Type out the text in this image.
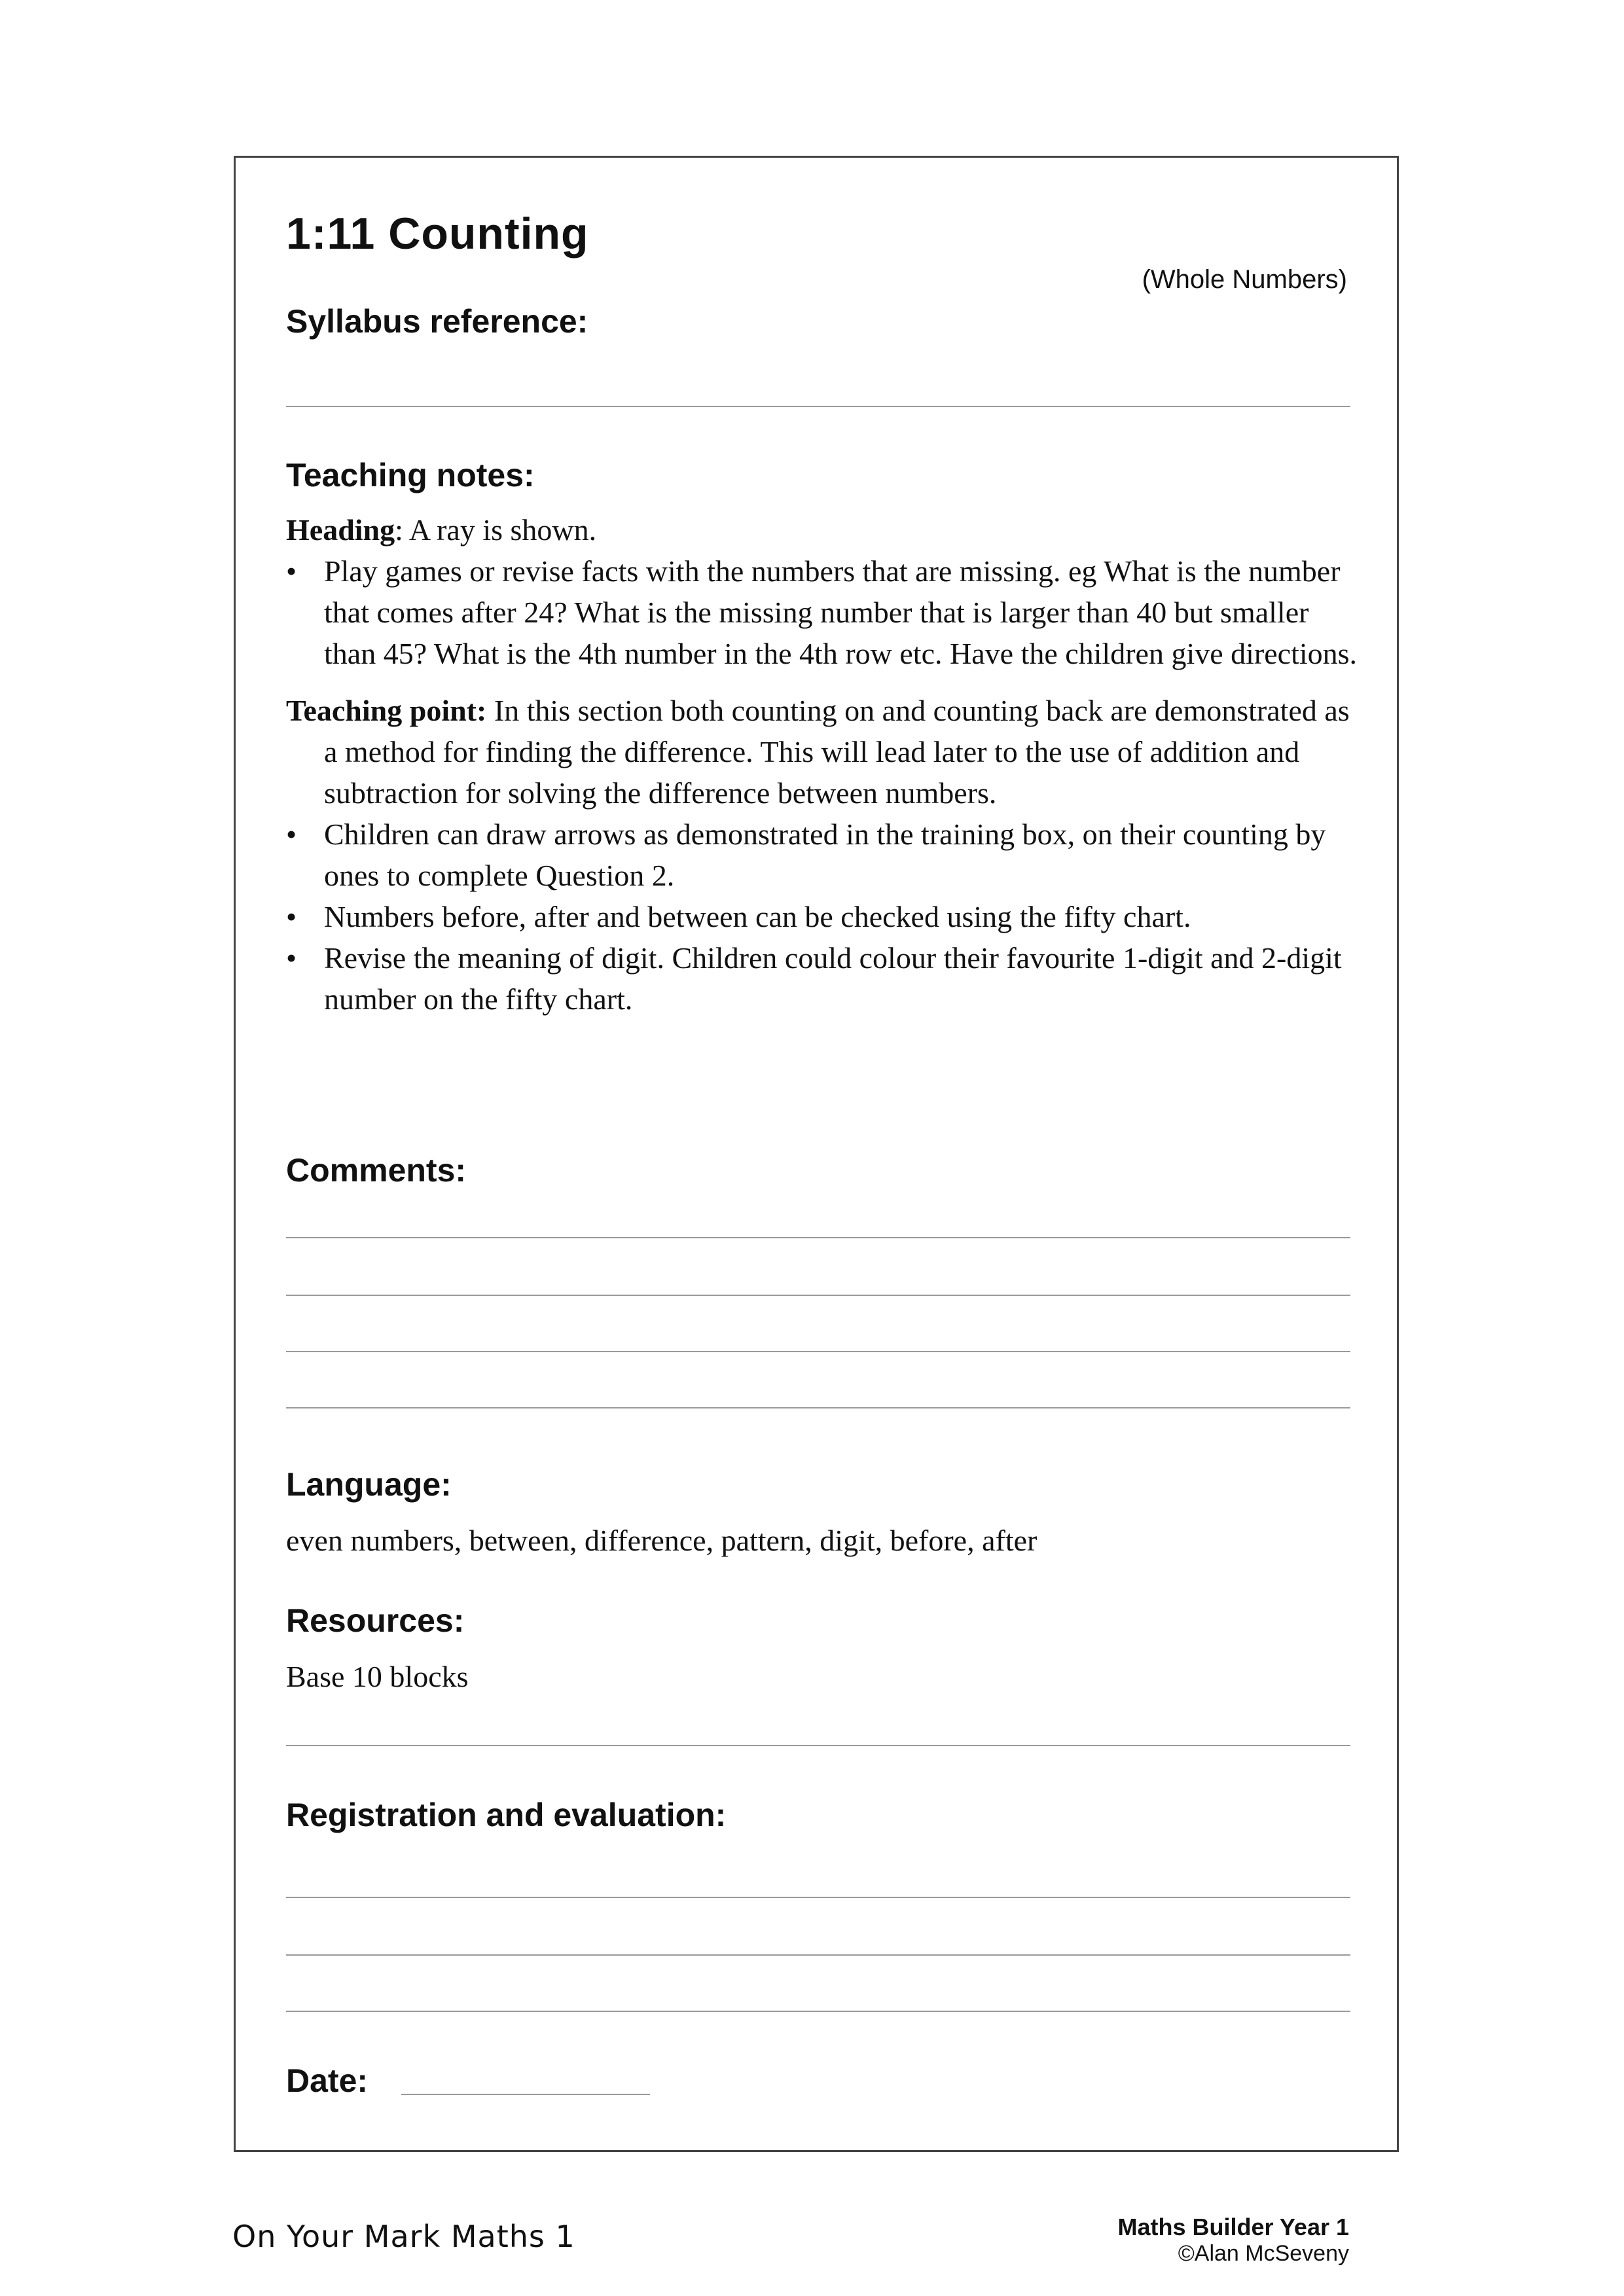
1:11 Counting
(Whole Numbers)
Syllabus reference:
Teaching notes:

Heading: A ray is shown.

• Play games or revise facts with the numbers that are missing. eg What is the number that comes after 24? What is the missing number that is larger than 40 but smaller than 45? What is the 4th number in the 4th row etc. Have the children give directions.

Teaching point: In this section both counting on and counting back are demonstrated as a method for finding the difference. This will lead later to the use of addition and subtraction for solving the difference between numbers.

• Children can draw arrows as demonstrated in the training box, on their counting by ones to complete Question 2.
• Numbers before, after and between can be checked using the fifty chart.
• Revise the meaning of digit. Children could colour their favourite 1-digit and 2-digit number on the fifty chart.
Comments:
Language:
even numbers, between, difference, pattern, digit, before, after
Resources:
Base 10 blocks
Registration and evaluation:
Date:
On Your Mark Maths 1	Maths Builder Year 1
©Alan McSeveny
